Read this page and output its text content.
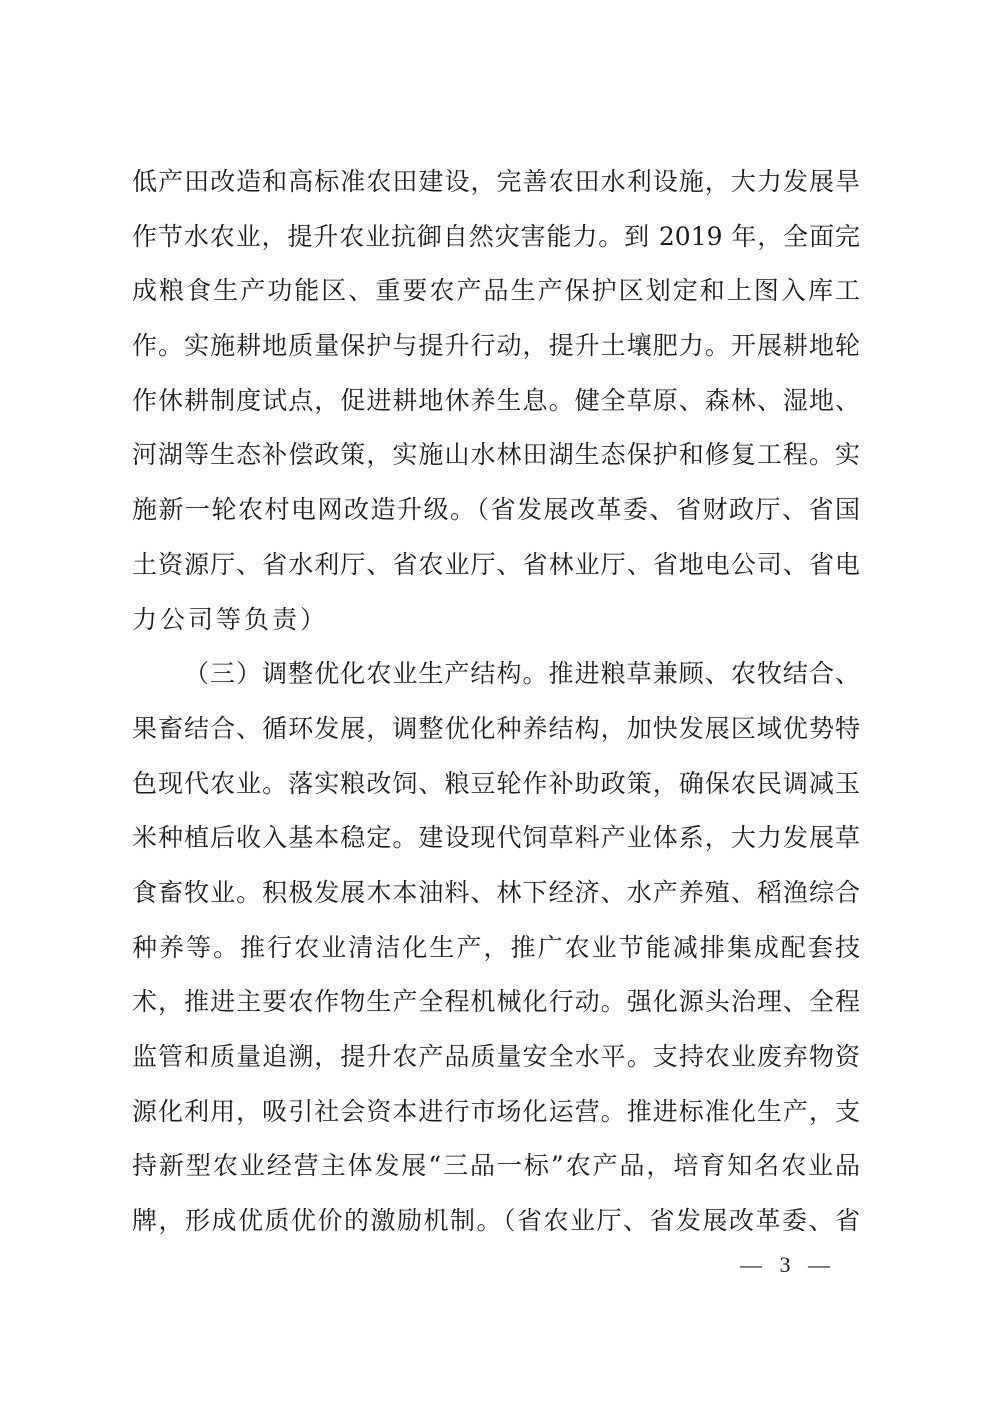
低产田改造和高标准农田建设，完善农田水利设施，大力发展旱
作节水农业，提升农业抗御自然灾害能力。到 2019 年，全面完
成粮食生产功能区、重要农产品生产保护区划定和上图入库工
作。实施耕地质量保护与提升行动，提升土壤肥力。开展耕地轮
作休耕制度试点，促进耕地休养生息。健全草原、森林、湿地、
河湖等生态补偿政策，实施山水林田湖生态保护和修复工程。实
施新一轮农村电网改造升级。（省发展改革委、省财政厅、省国
土资源厅、省水利厅、省农业厅、省林业厅、省地电公司、省电
力公司等负责）
（三）调整优化农业生产结构。推进粮草兼顾、农牧结合、
果畜结合、循环发展，调整优化种养结构，加快发展区域优势特
色现代农业。落实粮改饲、粮豆轮作补助政策，确保农民调减玉
米种植后收入基本稳定。建设现代饲草料产业体系，大力发展草
食畜牧业。积极发展木本油料、林下经济、水产养殖、稻渔综合
种养等。推行农业清洁化生产，推广农业节能减排集成配套技
术，推进主要农作物生产全程机械化行动。强化源头治理、全程
监管和质量追溯，提升农产品质量安全水平。支持农业废弃物资
源化利用，吸引社会资本进行市场化运营。推进标准化生产，支
持新型农业经营主体发展“三品一标”农产品，培育知名农业品
牌，形成优质优价的激励机制。（省农业厅、省发展改革委、省
— 3 —
